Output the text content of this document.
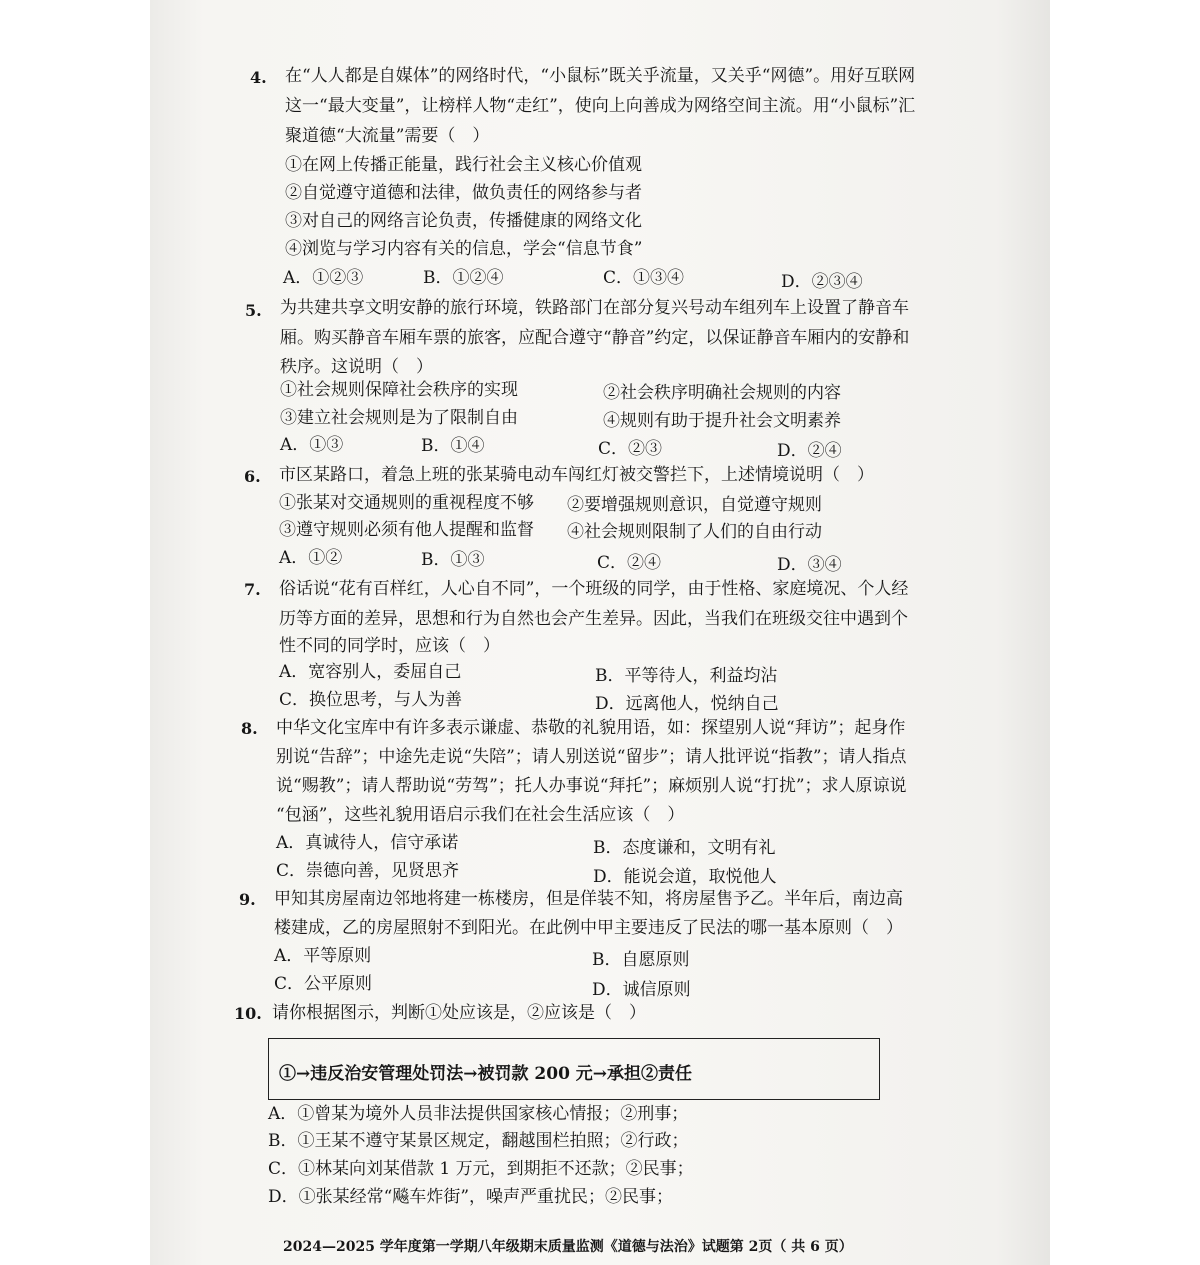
4. 在“人人都是自媒体”的网络时代，“小鼠标”既关乎流量，又关乎“网德”。用好互联网
这一“最大变量”，让榜样人物“走红”，使向上向善成为网络空间主流。用“小鼠标”汇
聚道德“大流量”需要（　）
①在网上传播正能量，践行社会主义核心价值观
②自觉遵守道德和法律，做负责任的网络参与者
③对自己的网络言论负责，传播健康的网络文化
④浏览与学习内容有关的信息，学会“信息节食”
A．①②③	B．①②④	C．①③④	D．②③④
5. 为共建共享文明安静的旅行环境，铁路部门在部分复兴号动车组列车上设置了静音车
厢。购买静音车厢车票的旅客，应配合遵守“静音”约定，以保证静音车厢内的安静和
秩序。这说明（　）
①社会规则保障社会秩序的实现	②社会秩序明确社会规则的内容
③建立社会规则是为了限制自由	④规则有助于提升社会文明素养
A．①③	B．①④	C．②③	D．②④
6. 市区某路口，着急上班的张某骑电动车闯红灯被交警拦下，上述情境说明（　）
①张某对交通规则的重视程度不够 ②要增强规则意识，自觉遵守规则
③遵守规则必须有他人提醒和监督 ④社会规则限制了人们的自由行动
A．①②	B．①③	C．②④	D．③④
7. 俗话说“花有百样红，人心自不同”，一个班级的同学，由于性格、家庭境况、个人经
历等方面的差异，思想和行为自然也会产生差异。因此，当我们在班级交往中遇到个
性不同的同学时，应该（　）
A．宽容别人，委屈自己	B．平等待人，利益均沾
C．换位思考，与人为善	D．远离他人，悦纳自己
8. 中华文化宝库中有许多表示谦虚、恭敬的礼貌用语，如：探望别人说“拜访”；起身作
别说“告辞”；中途先走说“失陪”；请人别送说“留步”；请人批评说“指教”；请人指点
说“赐教”；请人帮助说“劳驾”；托人办事说“拜托”；麻烦别人说“打扰”；求人原谅说
“包涵”，这些礼貌用语启示我们在社会生活应该（　）
A．真诚待人，信守承诺	B．态度谦和，文明有礼
C．崇德向善，见贤思齐	D．能说会道，取悦他人
9. 甲知其房屋南边邻地将建一栋楼房，但是佯装不知，将房屋售予乙。半年后，南边高
楼建成，乙的房屋照射不到阳光。在此例中甲主要违反了民法的哪一基本原则（　）
A．平等原则	B．自愿原则
C．公平原则	D．诚信原则
10. 请你根据图示，判断①处应该是，②应该是（　）
①→违反治安管理处罚法→被罚款 200 元→承担②责任
A．①曾某为境外人员非法提供国家核心情报；②刑事；
B．①王某不遵守某景区规定，翻越围栏拍照；②行政；
C．①林某向刘某借款 1 万元，到期拒不还款；②民事；
D．①张某经常“飚车炸街”，噪声严重扰民；②民事；
2024—2025 学年度第一学期八年级期末质量监测《道德与法治》试题第 2页（ 共 6 页）
